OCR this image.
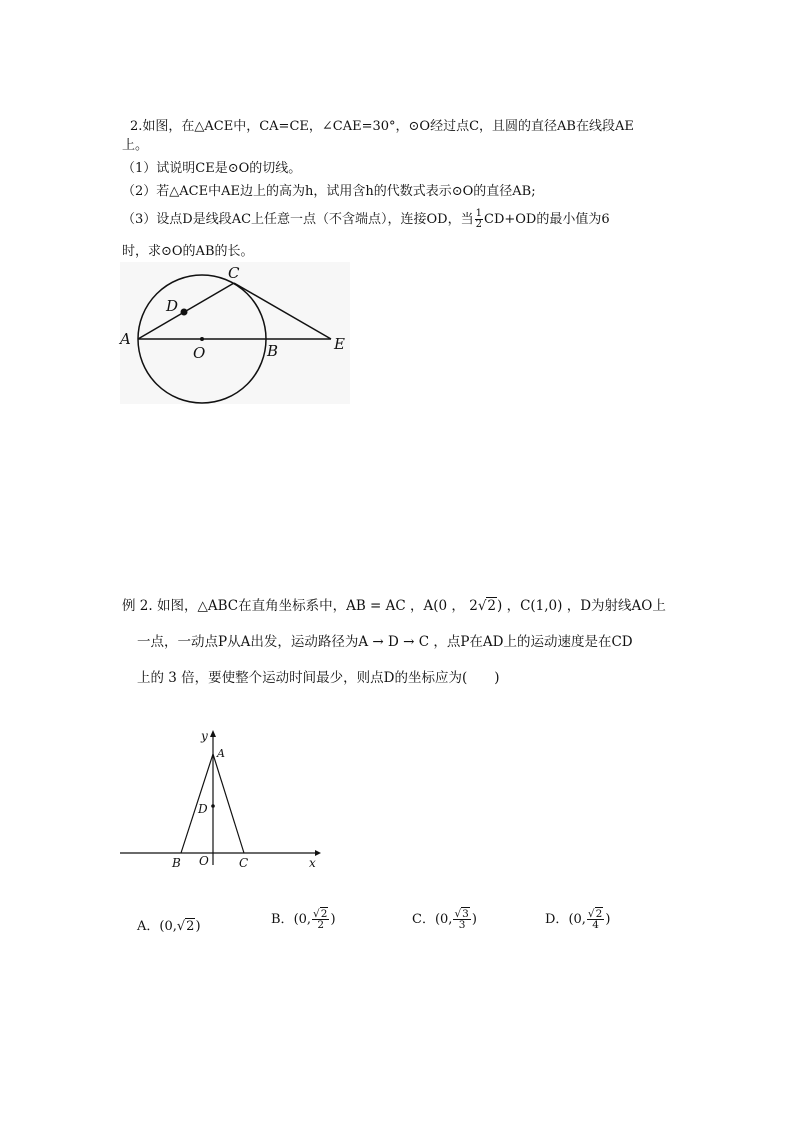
2.如图，在△ACE中，CA=CE，∠CAE=30°，⊙O经过点C，且圆的直径AB在线段AE
上。
（1）试说明CE是⊙O的切线。
（2）若△ACE中AE边上的高为h，试用含h的代数式表示⊙O的直径AB;
（3）设点D是线段AC上任意一点（不含端点），连接OD，当 $\frac{1}{2} CD+OD$的最小值为6
时，求⊙O的AB的长。
A
C
D
O	B	E
例 2. 如图，△ABC在直角坐标系中，AB = AC ，A(0 ， 2√2) ，C(1,0) ，D为射线AO上
一点，一动点P从A出发，运动路径为A → D → C ，点P在AD上的运动速度是在CD
上的 3 倍，要使整个运动时间最少，则点D的坐标应为(　　)
y
A
D
B O	C	x
A．(0,√2)	B．(0, $\frac{√2}{2}$ )	C．(0, $\frac{√3}{3}$ )	D．(0, $\frac{√2}{4}$ )
